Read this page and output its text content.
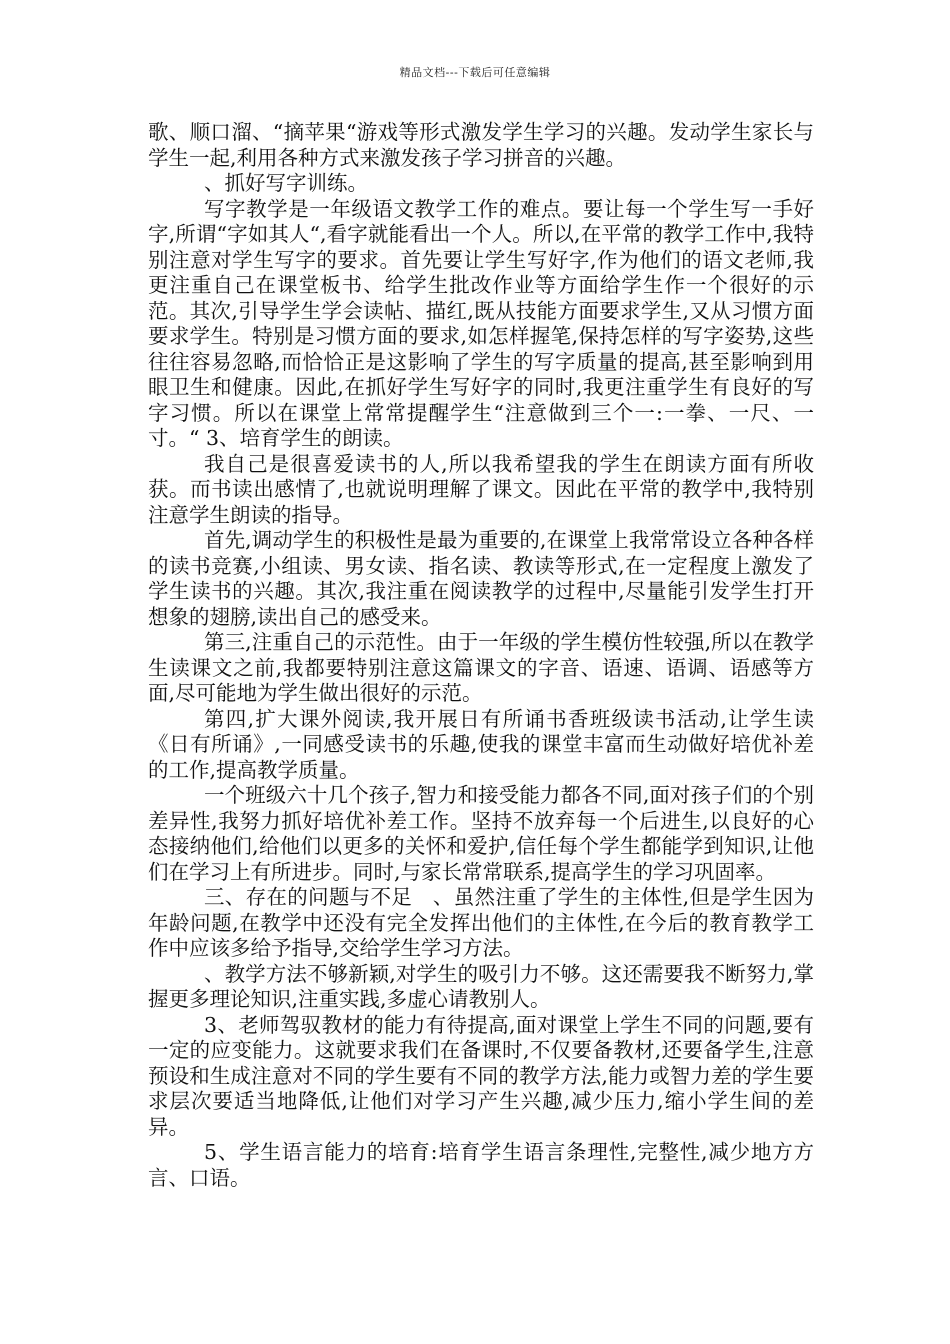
精品文档---下载后可任意编辑

歌、顺口溜、“摘苹果“游戏等形式激发学生学习的兴趣。发动学生家长与学生一起,利用各种方式来激发孩子学习拼音的兴趣。

、抓好写字训练。

写字教学是一年级语文教学工作的难点。要让每一个学生写一手好字,所谓“字如其人“,看字就能看出一个人。所以,在平常的教学工作中,我特别注意对学生写字的要求。首先要让学生写好字,作为他们的语文老师,我更注重自己在课堂板书、给学生批改作业等方面给学生作一个很好的示范。其次,引导学生学会读帖、描红,既从技能方面要求学生,又从习惯方面要求学生。特别是习惯方面的要求,如怎样握笔,保持怎样的写字姿势,这些往往容易忽略,而恰恰正是这影响了学生的写字质量的提高,甚至影响到用眼卫生和健康。因此,在抓好学生写好字的同时,我更注重学生有良好的写字习惯。所以在课堂上常常提醒学生“注意做到三个一:一拳、一尺、一寸。“ 3、培育学生的朗读。

我自己是很喜爱读书的人,所以我希望我的学生在朗读方面有所收获。而书读出感情了,也就说明理解了课文。因此在平常的教学中,我特别注意学生朗读的指导。

首先,调动学生的积极性是最为重要的,在课堂上我常常设立各种各样的读书竞赛,小组读、男女读、指名读、教读等形式,在一定程度上激发了学生读书的兴趣。其次,我注重在阅读教学的过程中,尽量能引发学生打开想象的翅膀,读出自己的感受来。

第三,注重自己的示范性。由于一年级的学生模仿性较强,所以在教学生读课文之前,我都要特别注意这篇课文的字音、语速、语调、语感等方面,尽可能地为学生做出很好的示范。

第四,扩大课外阅读,我开展日有所诵书香班级读书活动,让学生读《日有所诵》,一同感受读书的乐趣,使我的课堂丰富而生动做好培优补差的工作,提高教学质量。

一个班级六十几个孩子,智力和接受能力都各不同,面对孩子们的个别差异性,我努力抓好培优补差工作。坚持不放弃每一个后进生,以良好的心态接纳他们,给他们以更多的关怀和爱护,信任每个学生都能学到知识,让他们在学习上有所进步。同时,与家长常常联系,提高学生的学习巩固率。

三、存在的问题与不足　、虽然注重了学生的主体性,但是学生因为年龄问题,在教学中还没有完全发挥出他们的主体性,在今后的教育教学工作中应该多给予指导,交给学生学习方法。

、教学方法不够新颖,对学生的吸引力不够。这还需要我不断努力,掌握更多理论知识,注重实践,多虚心请教别人。

3、老师驾驭教材的能力有待提高,面对课堂上学生不同的问题,要有一定的应变能力。这就要求我们在备课时,不仅要备教材,还要备学生,注意预设和生成注意对不同的学生要有不同的教学方法,能力或智力差的学生要求层次要适当地降低,让他们对学习产生兴趣,减少压力,缩小学生间的差异。

5、学生语言能力的培育:培育学生语言条理性,完整性,减少地方方言、口语。
